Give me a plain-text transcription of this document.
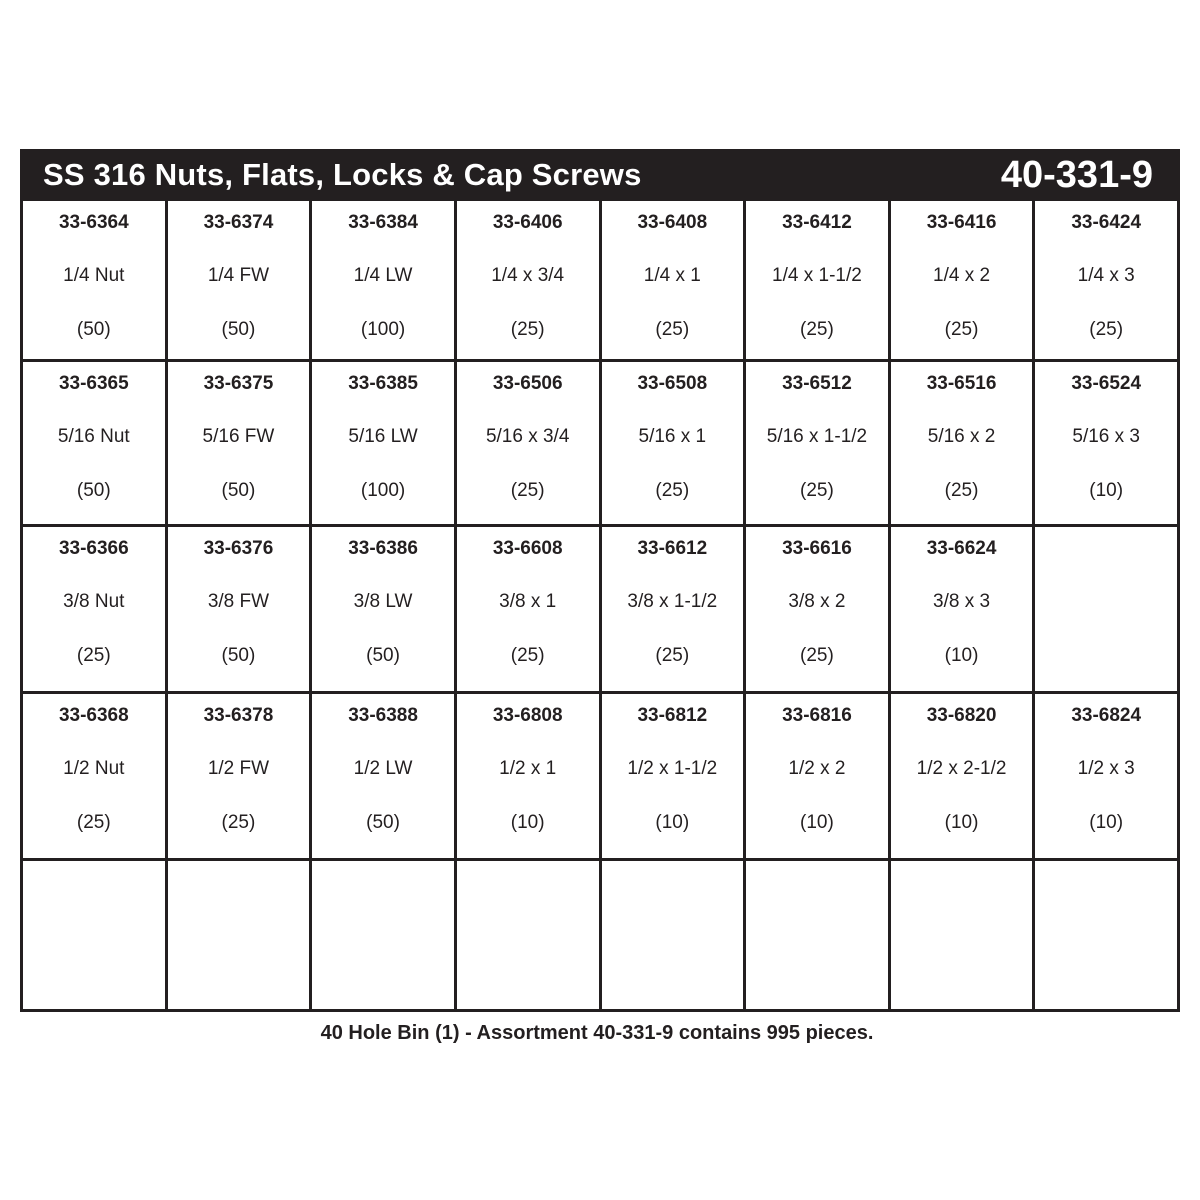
SS 316 Nuts, Flats, Locks & Cap Screws	40-331-9
33-6364
1/4 Nut
(50)
33-6374
1/4 FW
(50)
33-6384
1/4 LW
(100)
33-6406
1/4 x 3/4
(25)
33-6408
1/4 x 1
(25)
33-6412
1/4 x 1-1/2
(25)
33-6416
1/4 x 2
(25)
33-6424
1/4 x 3
(25)
33-6365
5/16 Nut
(50)
33-6375
5/16 FW
(50)
33-6385
5/16 LW
(100)
33-6506
5/16 x 3/4
(25)
33-6508
5/16 x 1
(25)
33-6512
5/16 x 1-1/2
(25)
33-6516
5/16 x 2
(25)
33-6524
5/16 x 3
(10)
33-6366
3/8 Nut
(25)
33-6376
3/8 FW
(50)
33-6386
3/8 LW
(50)
33-6608
3/8 x 1
(25)
33-6612
3/8 x 1-1/2
(25)
33-6616
3/8 x 2
(25)
33-6624
3/8 x 3
(10)
33-6368
1/2 Nut
(25)
33-6378
1/2 FW
(25)
33-6388
1/2 LW
(50)
33-6808
1/2 x 1
(10)
33-6812
1/2 x 1-1/2
(10)
33-6816
1/2 x 2
(10)
33-6820
1/2 x 2-1/2
(10)
33-6824
1/2 x 3
(10)
40 Hole Bin (1) - Assortment 40-331-9 contains 995 pieces.
